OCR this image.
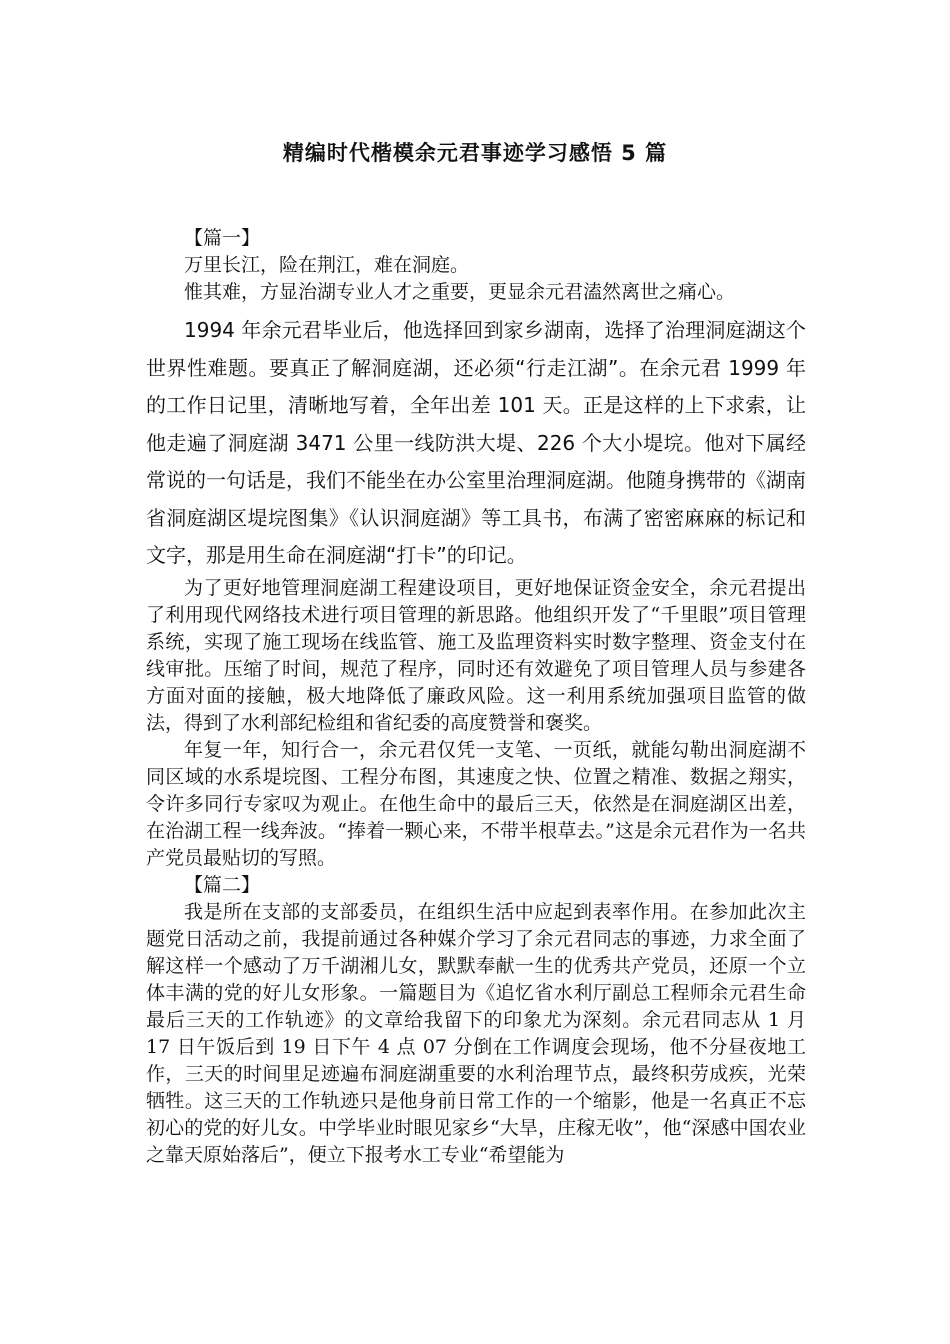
精编时代楷模余元君事迹学习感悟 5 篇

【篇一】

万里长江，险在荆江，难在洞庭。

惟其难，方显治湖专业人才之重要，更显余元君溘然离世之痛心。

1994 年余元君毕业后，他选择回到家乡湖南，选择了治理洞庭湖这个世界性难题。要真正了解洞庭湖，还必须“行走江湖”。在余元君 1999 年的工作日记里，清晰地写着，全年出差 101 天。正是这样的上下求索，让他走遍了洞庭湖 3471 公里一线防洪大堤、226 个大小堤垸。他对下属经常说的一句话是，我们不能坐在办公室里治理洞庭湖。他随身携带的《湖南省洞庭湖区堤垸图集》《认识洞庭湖》等工具书，布满了密密麻麻的标记和文字，那是用生命在洞庭湖“打卡”的印记。

为了更好地管理洞庭湖工程建设项目，更好地保证资金安全，余元君提出了利用现代网络技术进行项目管理的新思路。他组织开发了“千里眼”项目管理系统，实现了施工现场在线监管、施工及监理资料实时数字整理、资金支付在线审批。压缩了时间，规范了程序，同时还有效避免了项目管理人员与参建各方面对面的接触，极大地降低了廉政风险。这一利用系统加强项目监管的做法，得到了水利部纪检组和省纪委的高度赞誉和褒奖。

年复一年，知行合一，余元君仅凭一支笔、一页纸，就能勾勒出洞庭湖不同区域的水系堤垸图、工程分布图，其速度之快、位置之精准、数据之翔实，令许多同行专家叹为观止。在他生命中的最后三天，依然是在洞庭湖区出差，在治湖工程一线奔波。“捧着一颗心来，不带半根草去。”这是余元君作为一名共产党员最贴切的写照。

【篇二】

我是所在支部的支部委员，在组织生活中应起到表率作用。在参加此次主题党日活动之前，我提前通过各种媒介学习了余元君同志的事迹，力求全面了解这样一个感动了万千湖湘儿女，默默奉献一生的优秀共产党员，还原一个立体丰满的党的好儿女形象。一篇题目为《追忆省水利厅副总工程师余元君生命最后三天的工作轨迹》的文章给我留下的印象尤为深刻。余元君同志从 1 月 17 日午饭后到 19 日下午 4 点 07 分倒在工作调度会现场，他不分昼夜地工作，三天的时间里足迹遍布洞庭湖重要的水利治理节点，最终积劳成疾，光荣牺牲。这三天的工作轨迹只是他身前日常工作的一个缩影，他是一名真正不忘初心的党的好儿女。中学毕业时眼见家乡“大旱，庄稼无收”，他“深感中国农业之靠天原始落后”，便立下报考水工专业“希望能为
